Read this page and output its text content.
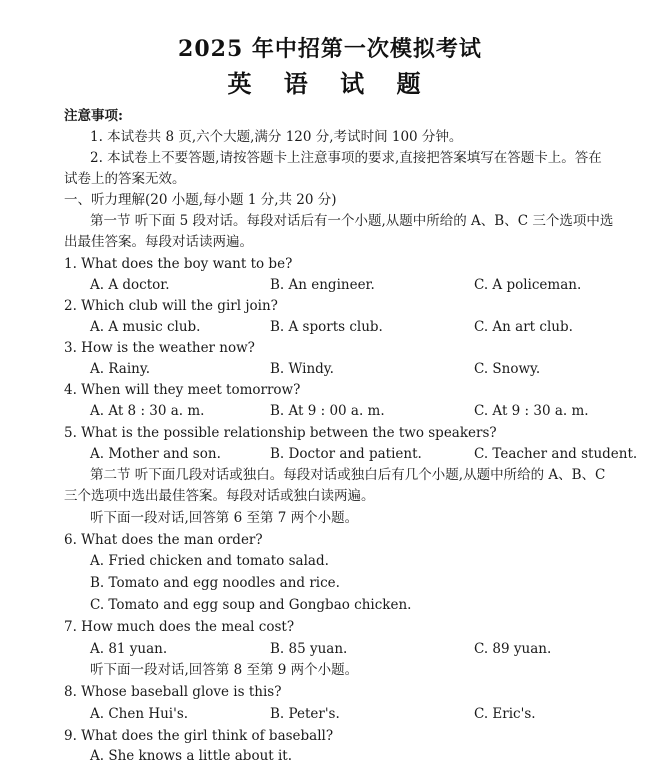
2025 年中招第一次模拟考试
英 语 试 题
注意事项:
1. 本试卷共 8 页,六个大题,满分 120 分,考试时间 100 分钟。
2. 本试卷上不要答题,请按答题卡上注意事项的要求,直接把答案填写在答题卡上。答在
试卷上的答案无效。
一、听力理解(20 小题,每小题 1 分,共 20 分)
第一节 听下面 5 段对话。每段对话后有一个小题,从题中所给的 A、B、C 三个选项中选
出最佳答案。每段对话读两遍。
1. What does the boy want to be?
A. A doctor.	B. An engineer.	C. A policeman.
2. Which club will the girl join?
A. A music club.	B. A sports club.	C. An art club.
3. How is the weather now?
A. Rainy.	B. Windy.	C. Snowy.
4. When will they meet tomorrow?
A. At 8 : 30 a. m.	B. At 9 : 00 a. m.	C. At 9 : 30 a. m.
5. What is the possible relationship between the two speakers?
A. Mother and son.	B. Doctor and patient.	C. Teacher and student.
第二节 听下面几段对话或独白。每段对话或独白后有几个小题,从题中所给的 A、B、C
三个选项中选出最佳答案。每段对话或独白读两遍。
听下面一段对话,回答第 6 至第 7 两个小题。
6. What does the man order?
A. Fried chicken and tomato salad.
B. Tomato and egg noodles and rice.
C. Tomato and egg soup and Gongbao chicken.
7. How much does the meal cost?
A. 81 yuan.	B. 85 yuan.	C. 89 yuan.
听下面一段对话,回答第 8 至第 9 两个小题。
8. Whose baseball glove is this?
A. Chen Hui's.	B. Peter's.	C. Eric's.
9. What does the girl think of baseball?
A. She knows a little about it.
